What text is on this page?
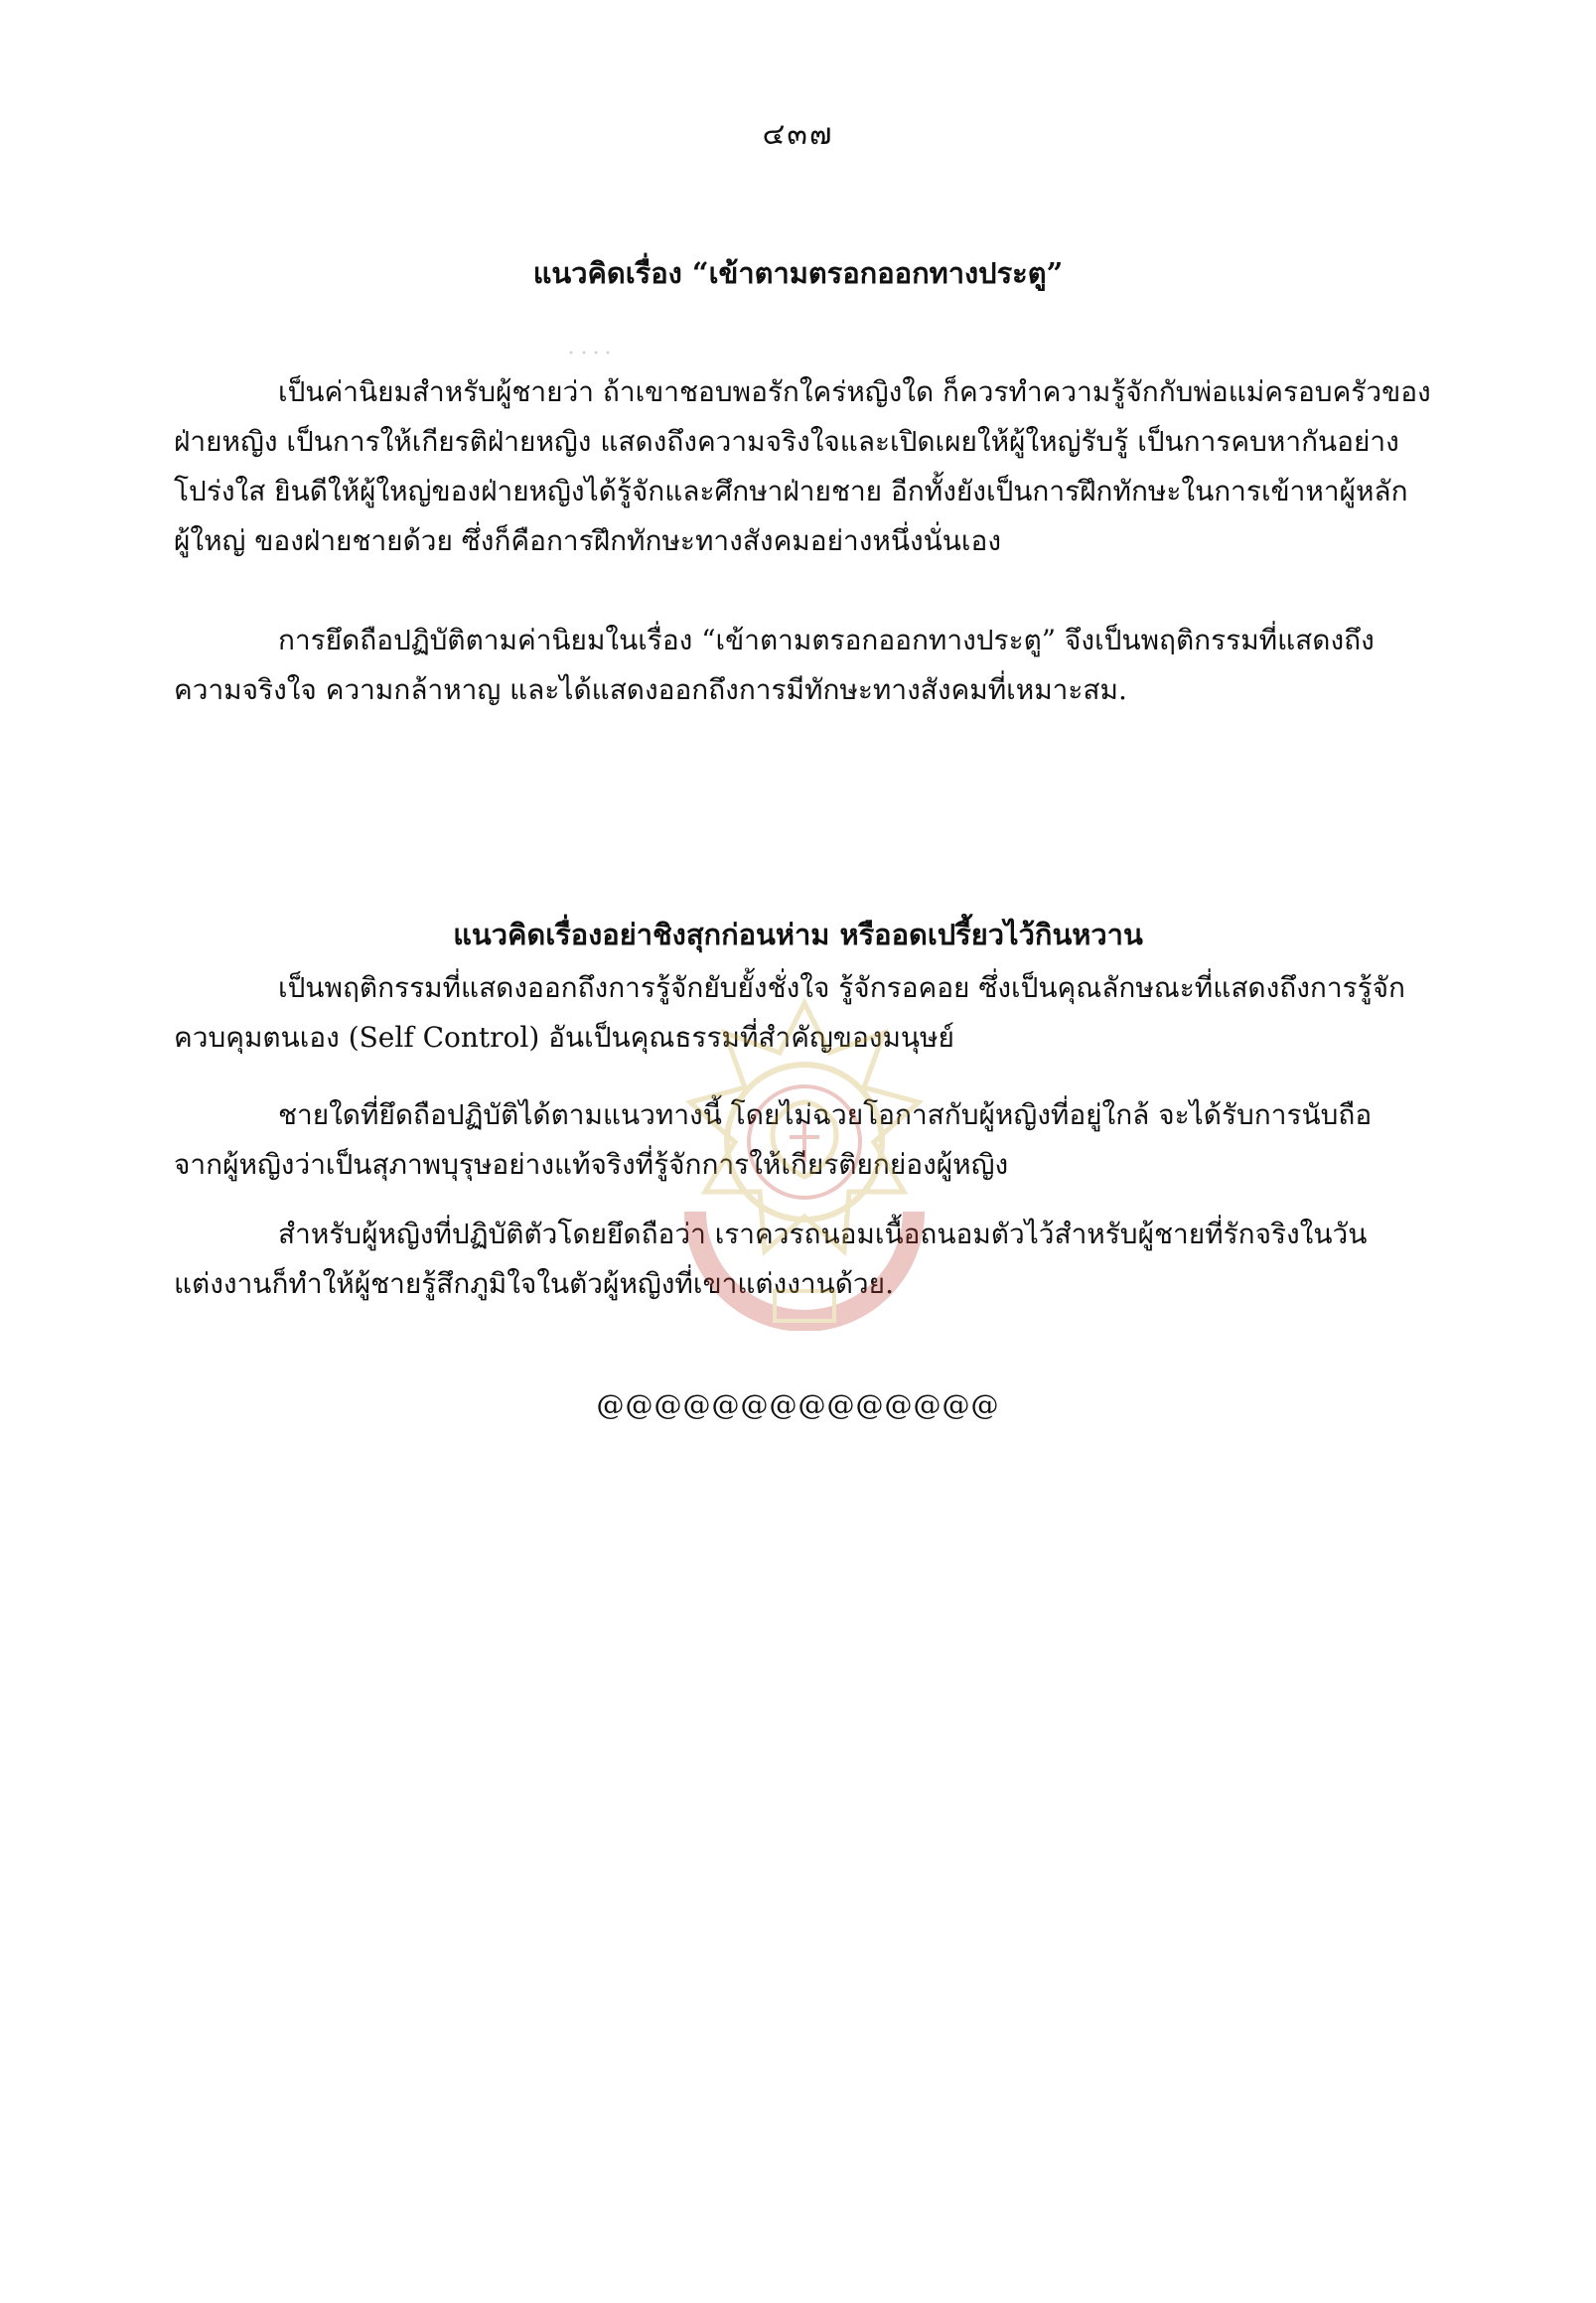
๔๓๗
แนวคิดเรื่อง “เข้าตามตรอกออกทางประตู”
เป็นค่านิยมสำหรับผู้ชายว่า ถ้าเขาชอบพอรักใคร่หญิงใด ก็ควรทำความรู้จักกับพ่อแม่ครอบครัวของ
ฝ่ายหญิง เป็นการให้เกียรติฝ่ายหญิง แสดงถึงความจริงใจและเปิดเผยให้ผู้ใหญ่รับรู้ เป็นการคบหากันอย่าง
โปร่งใส ยินดีให้ผู้ใหญ่ของฝ่ายหญิงได้รู้จักและศึกษาฝ่ายชาย อีกทั้งยังเป็นการฝึกทักษะในการเข้าหาผู้หลัก
ผู้ใหญ่ ของฝ่ายชายด้วย ซึ่งก็คือการฝึกทักษะทางสังคมอย่างหนึ่งนั่นเอง
การยึดถือปฏิบัติตามค่านิยมในเรื่อง “เข้าตามตรอกออกทางประตู” จึงเป็นพฤติกรรมที่แสดงถึง
ความจริงใจ ความกล้าหาญ และได้แสดงออกถึงการมีทักษะทางสังคมที่เหมาะสม.
แนวคิดเรื่องอย่าชิงสุกก่อนห่าม หรืออดเปรี้ยวไว้กินหวาน
เป็นพฤติกรรมที่แสดงออกถึงการรู้จักยับยั้งชั่งใจ รู้จักรอคอย ซึ่งเป็นคุณลักษณะที่แสดงถึงการรู้จัก
ควบคุมตนเอง (Self Control) อันเป็นคุณธรรมที่สำคัญของมนุษย์
ชายใดที่ยึดถือปฏิบัติได้ตามแนวทางนี้ โดยไม่ฉวยโอกาสกับผู้หญิงที่อยู่ใกล้ จะได้รับการนับถือ
จากผู้หญิงว่าเป็นสุภาพบุรุษอย่างแท้จริงที่รู้จักการให้เกียรติยกย่องผู้หญิง
สำหรับผู้หญิงที่ปฏิบัติตัวโดยยึดถือว่า เราควรถนอมเนื้อถนอมตัวไว้สำหรับผู้ชายที่รักจริงในวัน
แต่งงานก็ทำให้ผู้ชายรู้สึกภูมิใจในตัวผู้หญิงที่เขาแต่งงานด้วย.
@@@@@@@@@@@@@@
